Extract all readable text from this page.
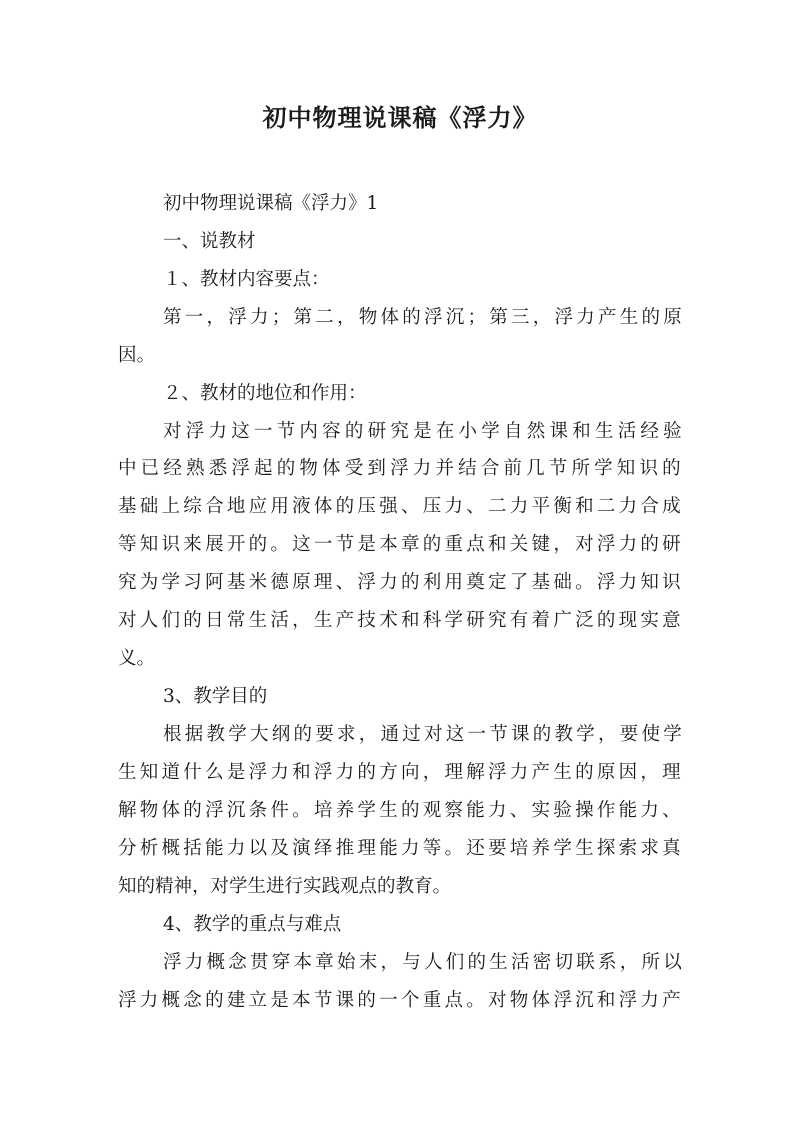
初中物理说课稿《浮力》

初中物理说课稿《浮力》1

一、说教材

１、教材内容要点：

第 一 ， 浮 力 ； 第 二 ， 物 体 的 浮 沉 ； 第 三 ， 浮 力 产 生 的 原

因。

２、教材的地位和作用：

对 浮 力 这 一 节 内 容 的 研 究 是 在 小 学 自 然 课 和 生 活 经 验

中 已 经 熟 悉 浮 起 的 物 体 受 到 浮 力 并 结 合 前 几 节 所 学 知 识 的

基 础 上 综 合 地 应 用 液 体 的 压 强 、 压 力 、 二 力 平 衡 和 二 力 合 成

等 知 识 来 展 开 的 。 这 一 节 是 本 章 的 重 点 和 关 键 ， 对 浮 力 的 研

究 为 学 习 阿 基 米 德 原 理 、 浮 力 的 利 用 奠 定 了 基 础 。 浮 力 知 识

对 人 们 的 日 常 生 活 ， 生 产 技 术 和 科 学 研 究 有 着 广 泛 的 现 实 意

义。

3、教学目的

根 据 教 学 大 纲 的 要 求 ， 通 过 对 这 一 节 课 的 教 学 ， 要 使 学

生 知 道 什 么 是 浮 力 和 浮 力 的 方 向 ， 理 解 浮 力 产 生 的 原 因 ， 理

解 物 体 的 浮 沉 条 件 。 培 养 学 生 的 观 察 能 力 、 实 验 操 作 能 力 、

分 析 概 括 能 力 以 及 演 绎 推 理 能 力 等 。 还 要 培 养 学 生 探 索 求 真

知的精神，对学生进行实践观点的教育。

4、教学的重点与难点

浮 力 概 念 贯 穿 本 章 始 末 ， 与 人 们 的 生 活 密 切 联 系 ， 所 以

浮 力 概 念 的 建 立 是 本 节 课 的 一 个 重 点 。 对 物 体 浮 沉 和 浮 力 产
